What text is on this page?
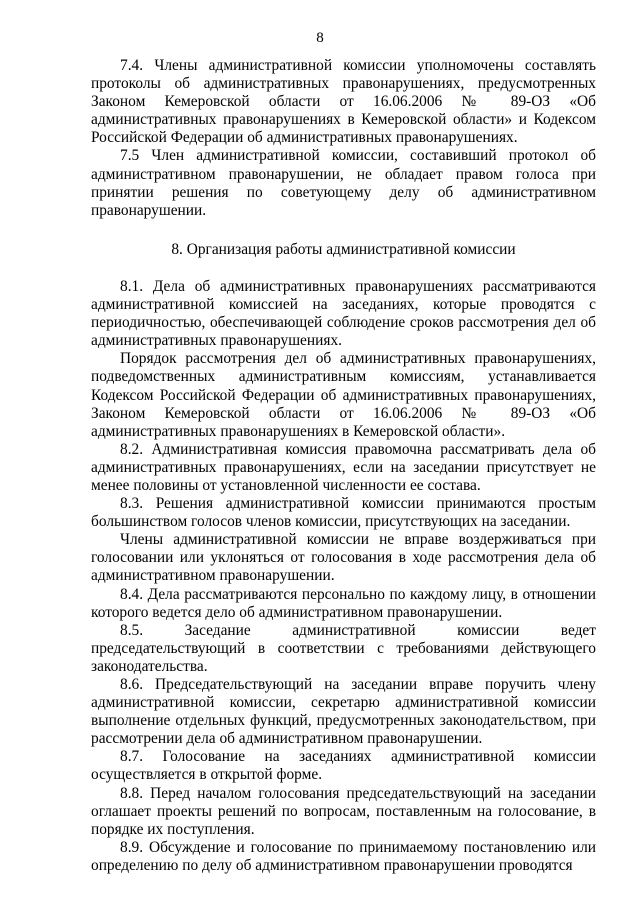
8

7.4. Члены административной комиссии уполномочены составлять протоколы об административных правонарушениях, предусмотренных Законом Кемеровской области от 16.06.2006 № 89-ОЗ «Об административных правонарушениях в Кемеровской области» и Кодексом Российской Федерации об административных правонарушениях.

7.5 Член административной комиссии, составивший протокол об административном правонарушении, не обладает правом голоса при принятии решения по советующему делу об административном правонарушении.

8. Организация работы административной комиссии

8.1. Дела об административных правонарушениях рассматриваются административной комиссией на заседаниях, которые проводятся с периодичностью, обеспечивающей соблюдение сроков рассмотрения дел об административных правонарушениях.

Порядок рассмотрения дел об административных правонарушениях, подведомственных административным комиссиям, устанавливается Кодексом Российской Федерации об административных правонарушениях, Законом Кемеровской области от 16.06.2006 № 89-ОЗ «Об административных правонарушениях в Кемеровской области».

8.2. Административная комиссия правомочна рассматривать дела об административных правонарушениях, если на заседании присутствует не менее половины от установленной численности ее состава.

8.3. Решения административной комиссии принимаются простым большинством голосов членов комиссии, присутствующих на заседании.

Члены административной комиссии не вправе воздерживаться при голосовании или уклоняться от голосования в ходе рассмотрения дела об административном правонарушении.

8.4. Дела рассматриваются персонально по каждому лицу, в отношении которого ведется дело об административном правонарушении.

8.5. Заседание административной комиссии ведет председательствующий в соответствии с требованиями действующего законодательства.

8.6. Председательствующий на заседании вправе поручить члену административной комиссии, секретарю административной комиссии выполнение отдельных функций, предусмотренных законодательством, при рассмотрении дела об административном правонарушении.

8.7. Голосование на заседаниях административной комиссии осуществляется в открытой форме.

8.8. Перед началом голосования председательствующий на заседании оглашает проекты решений по вопросам, поставленным на голосование, в порядке их поступления.

8.9. Обсуждение и голосование по принимаемому постановлению или определению по делу об административном правонарушении проводятся
